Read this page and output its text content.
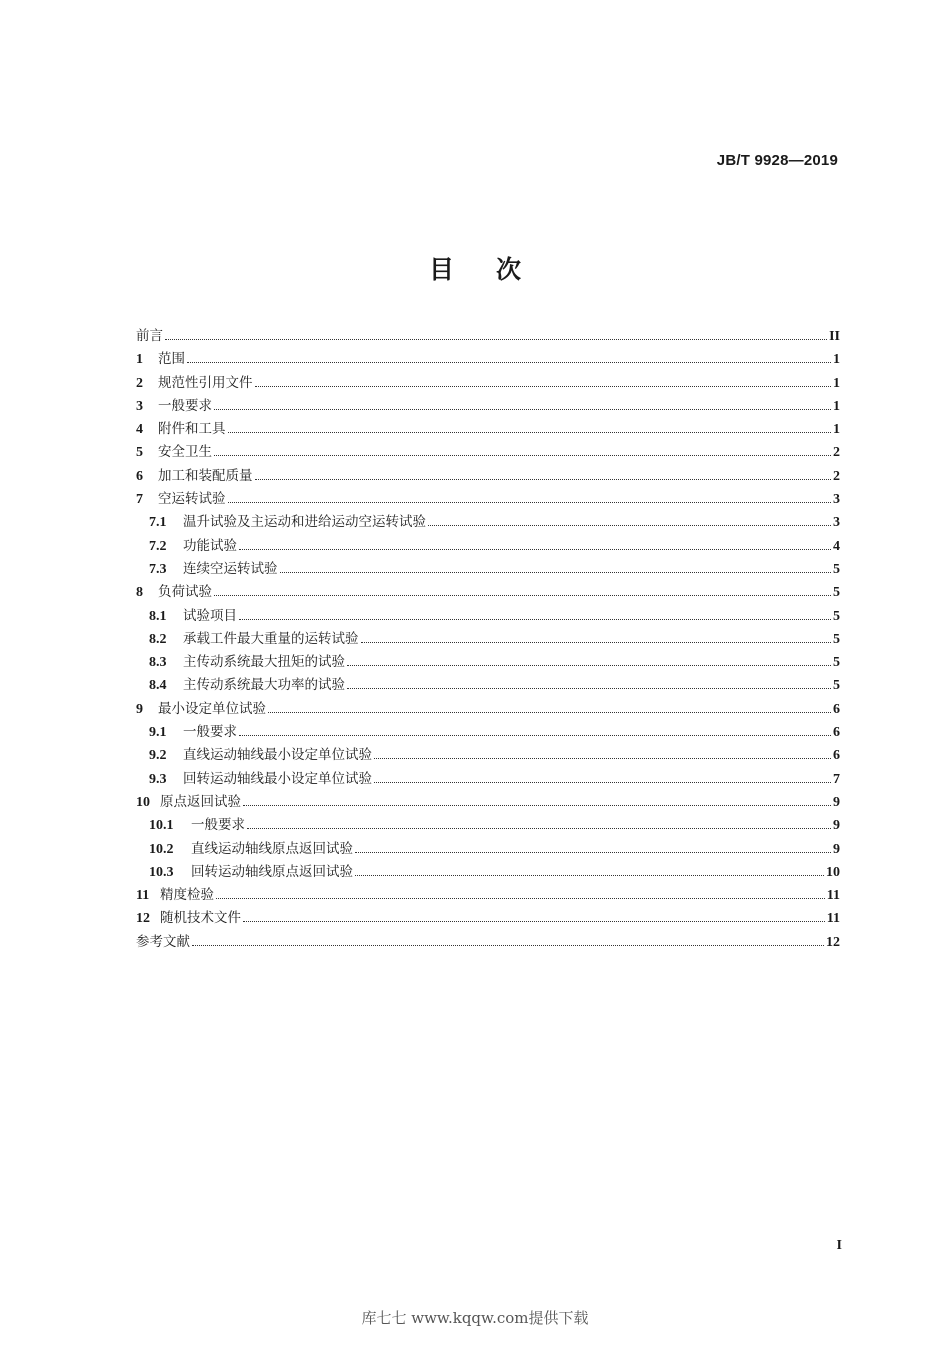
JB/T 9928—2019
目 次
前言	II
1	范围	1
2	规范性引用文件	1
3	一般要求	1
4	附件和工具	1
5	安全卫生	2
6	加工和装配质量	2
7	空运转试验	3
7.1	温升试验及主运动和进给运动空运转试验	3
7.2	功能试验	4
7.3	连续空运转试验	5
8	负荷试验	5
8.1	试验项目	5
8.2	承载工件最大重量的运转试验	5
8.3	主传动系统最大扭矩的试验	5
8.4	主传动系统最大功率的试验	5
9	最小设定单位试验	6
9.1	一般要求	6
9.2	直线运动轴线最小设定单位试验	6
9.3	回转运动轴线最小设定单位试验	7
10 原点返回试验	9
10.1	一般要求	9
10.2	直线运动轴线原点返回试验	9
10.3	回转运动轴线原点返回试验	10
11 精度检验	11
12 随机技术文件	11
参考文献	12
I
库七七 www.kqqw.com提供下载
